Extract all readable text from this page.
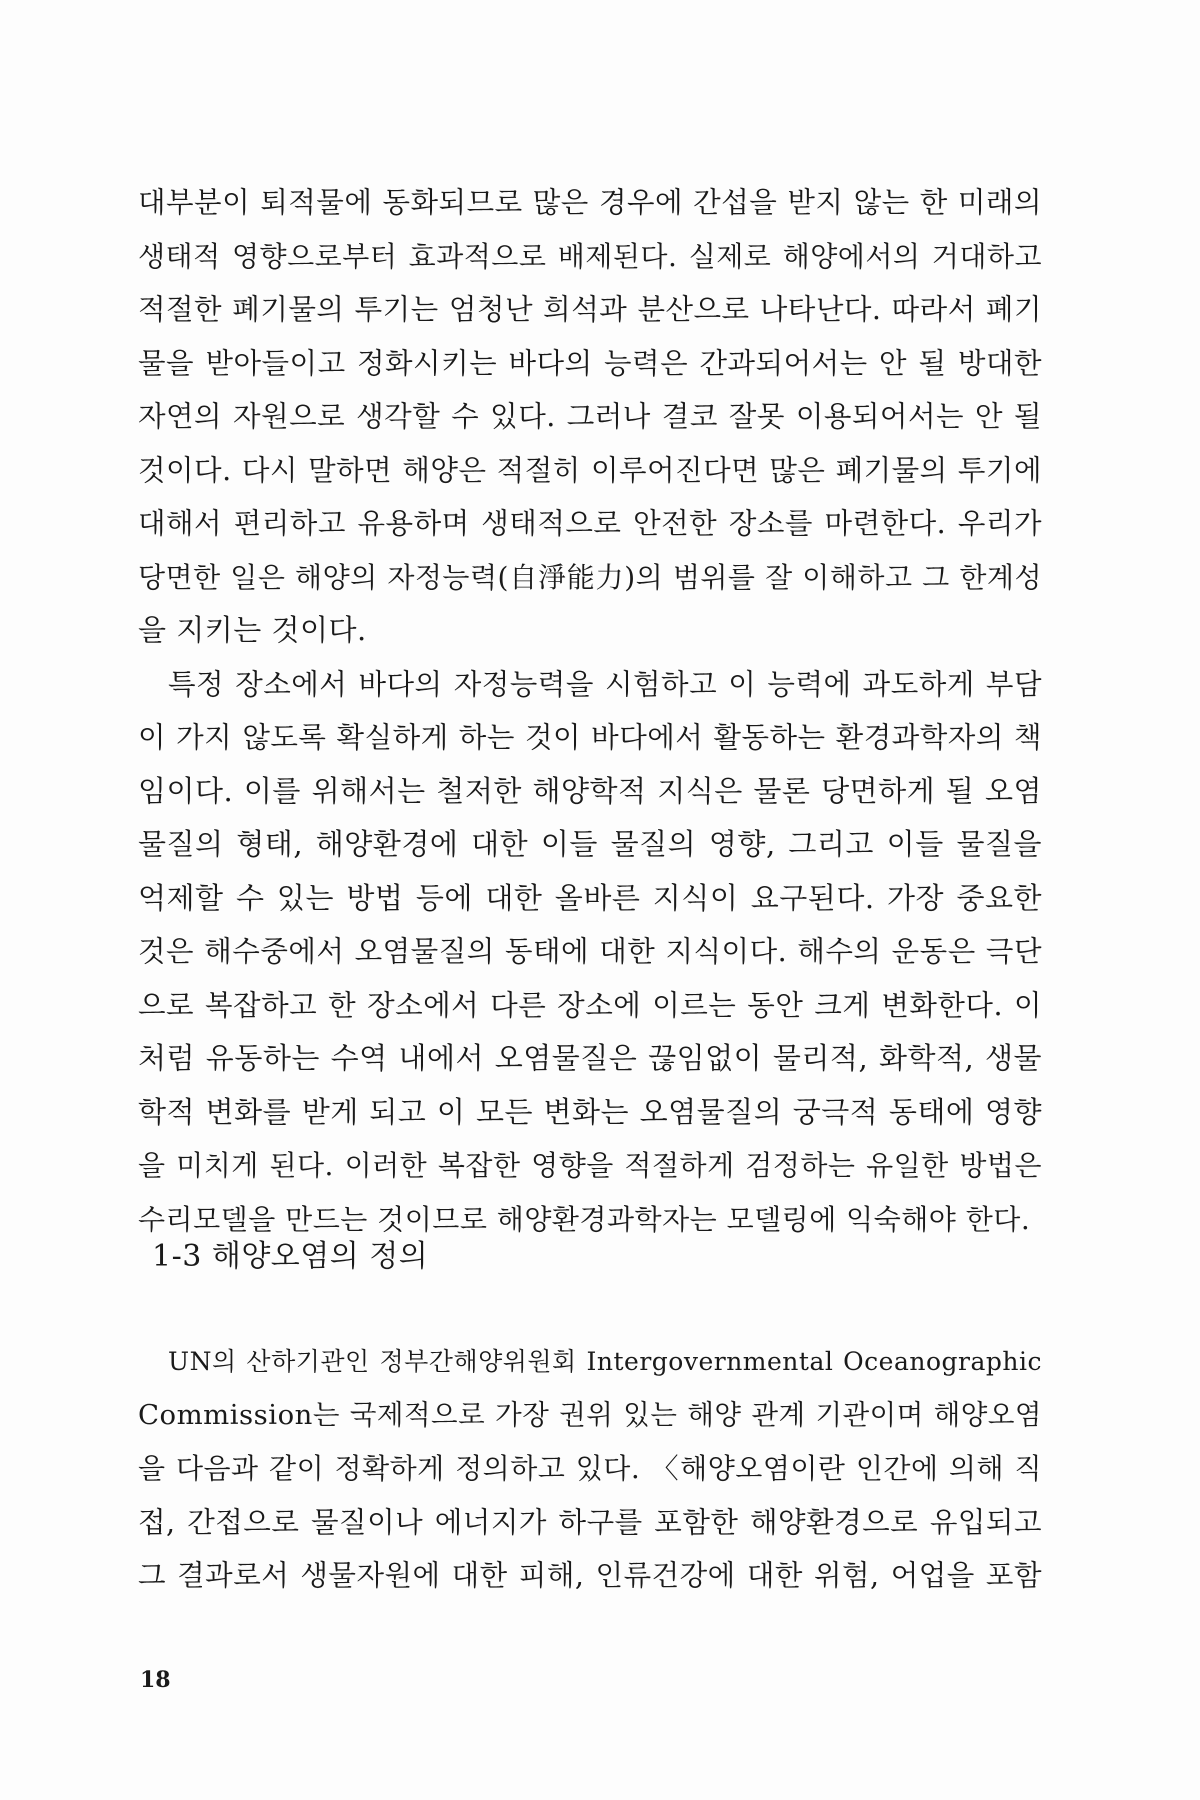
대부분이 퇴적물에 동화되므로 많은 경우에 간섭을 받지 않는 한 미래의
생태적 영향으로부터 효과적으로 배제된다. 실제로 해양에서의 거대하고
적절한 폐기물의 투기는 엄청난 희석과 분산으로 나타난다. 따라서 폐기
물을 받아들이고 정화시키는 바다의 능력은 간과되어서는 안 될 방대한
자연의 자원으로 생각할 수 있다. 그러나 결코 잘못 이용되어서는 안 될
것이다. 다시 말하면 해양은 적절히 이루어진다면 많은 폐기물의 투기에
대해서 편리하고 유용하며 생태적으로 안전한 장소를 마련한다. 우리가
당면한 일은 해양의 자정능력(自淨能力)의 범위를 잘 이해하고 그 한계성
을 지키는 것이다.
특정 장소에서 바다의 자정능력을 시험하고 이 능력에 과도하게 부담
이 가지 않도록 확실하게 하는 것이 바다에서 활동하는 환경과학자의 책
임이다. 이를 위해서는 철저한 해양학적 지식은 물론 당면하게 될 오염
물질의 형태, 해양환경에 대한 이들 물질의 영향, 그리고 이들 물질을
억제할 수 있는 방법 등에 대한 올바른 지식이 요구된다. 가장 중요한
것은 해수중에서 오염물질의 동태에 대한 지식이다. 해수의 운동은 극단
으로 복잡하고 한 장소에서 다른 장소에 이르는 동안 크게 변화한다. 이
처럼 유동하는 수역 내에서 오염물질은 끊임없이 물리적, 화학적, 생물
학적 변화를 받게 되고 이 모든 변화는 오염물질의 궁극적 동태에 영향
을 미치게 된다. 이러한 복잡한 영향을 적절하게 검정하는 유일한 방법은
수리모델을 만드는 것이므로 해양환경과학자는 모델링에 익숙해야 한다.
1-3 해양오염의 정의
UN의 산하기관인 정부간해양위원회 Intergovernmental Oceanographic
Commission는 국제적으로 가장 권위 있는 해양 관계 기관이며 해양오염
을 다음과 같이 정확하게 정의하고 있다. 〈해양오염이란 인간에 의해 직
접, 간접으로 물질이나 에너지가 하구를 포함한 해양환경으로 유입되고
그 결과로서 생물자원에 대한 피해, 인류건강에 대한 위험, 어업을 포함
18
